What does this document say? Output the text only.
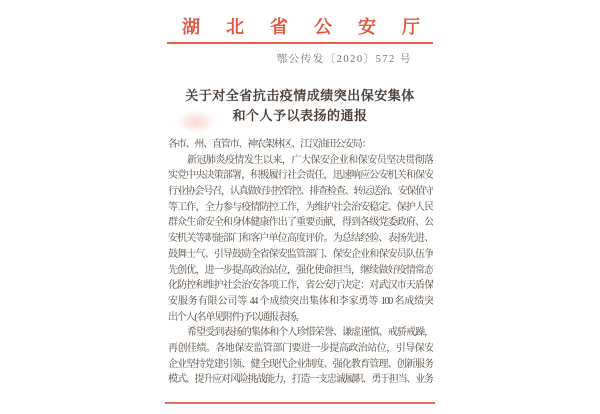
湖北省公安厅
鄂公传发〔2020〕572 号
关于对全省抗击疫情成绩突出保安集体
和个人予以表扬的通报
各市、州、直管市、神农架林区、江汉油田公安局：
新冠肺炎疫情发生以来，广大保安企业和保安员坚决贯彻落
实党中央决策部署，积极履行社会责任，迅速响应公安机关和保安
行业协会号召，认真做好封控管控、排查检查、转运送治、安保值守
等工作，全力参与疫情防控工作，为维护社会治安稳定、保护人民
群众生命安全和身体健康作出了重要贡献，得到各级党委政府、公
安机关等职能部门和客户单位高度评价。为总结经验、表扬先进、
鼓舞士气、引导鼓励全省保安监管部门、保安企业和保安员队伍争
先创优，进一步提高政治站位，强化使命担当，继续做好疫情常态
化防控和维护社会治安各项工作，省公安厅决定：对武汉市天盾保
安服务有限公司等 44 个成绩突出集体和李家勇等 100 名成绩突
出个人(名单见附件)予以通报表扬。
希望受到表扬的集体和个人珍惜荣誉、谦虚谨慎、戒骄戒躁，
再创佳绩。各地保安监管部门要进一步提高政治站位，引导保安
企业坚持党建引领、健全现代企业制度、强化教育管理、创新服务
模式、提升应对风险挑战能力，打造一支忠诚履职、勇于担当、业务
